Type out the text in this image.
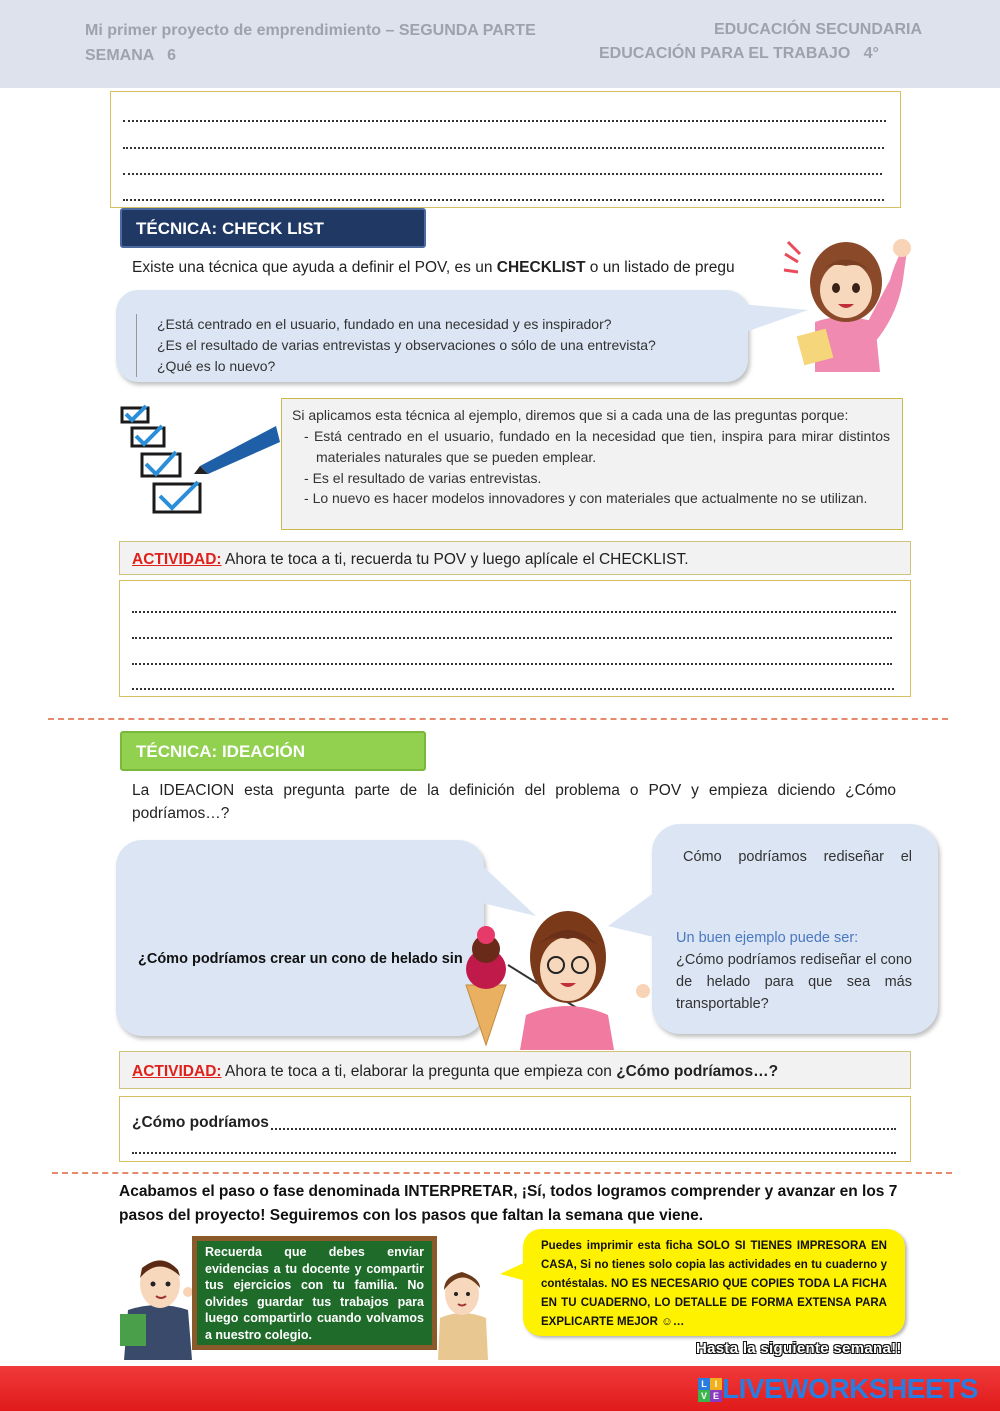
Mi primer proyecto de emprendimiento – SEGUNDA PARTE
SEMANA   6
EDUCACIÓN SECUNDARIA
EDUCACIÓN PARA EL TRABAJO   4°
TÉCNICA: CHECK LIST
Existe una técnica que ayuda a definir el POV, es un CHECKLIST o un listado de pregu
¿Está centrado en el usuario, fundado en una necesidad y es inspirador?
¿Es el resultado de varias entrevistas y observaciones o sólo de una entrevista?
¿Qué es lo nuevo?
Si aplicamos esta técnica al ejemplo, diremos que si a cada una de las preguntas porque:
- Está centrado en el usuario, fundado en la necesidad que tien, inspira para mirar distintos materiales naturales que se pueden emplear.
- Es el resultado de varias entrevistas.
- Lo nuevo es hacer modelos innovadores y con materiales que actualmente no se utilizan.
ACTIVIDAD: Ahora te toca a ti, recuerda tu POV y luego aplícale el CHECKLIST.
TÉCNICA: IDEACIÓN
La IDEACION esta pregunta parte de la definición del problema o POV y empieza diciendo ¿Cómo podríamos…?
¿Cómo podríamos crear un cono de helado sin
Cómo podríamos rediseñar el
Un buen ejemplo puede ser:
¿Cómo podríamos rediseñar el cono de helado para que sea más transportable?
ACTIVIDAD: Ahora te toca a ti, elaborar la pregunta que empieza con ¿Cómo podríamos…?
¿Cómo podríamos
Acabamos el paso o fase denominada INTERPRETAR, ¡Sí, todos logramos comprender y avanzar en los 7 pasos del proyecto! Seguiremos con los pasos que faltan la semana que viene.
Recuerda que debes enviar evidencias a tu docente y compartir tus ejercicios con tu familia. No olvides guardar tus trabajos para luego compartirlo cuando volvamos a nuestro colegio.
Puedes imprimir esta ficha SOLO SI TIENES IMPRESORA EN CASA, Si no tienes solo copia las actividades en tu cuaderno y contéstalas. NO ES NECESARIO QUE COPIES TODA LA FICHA EN TU CUADERNO, LO DETALLE DE FORMA EXTENSA PARA EXPLICARTE MEJOR ☺…
Hasta la siguiente semana!!
L I
V E LIVEWORKSHEETS
